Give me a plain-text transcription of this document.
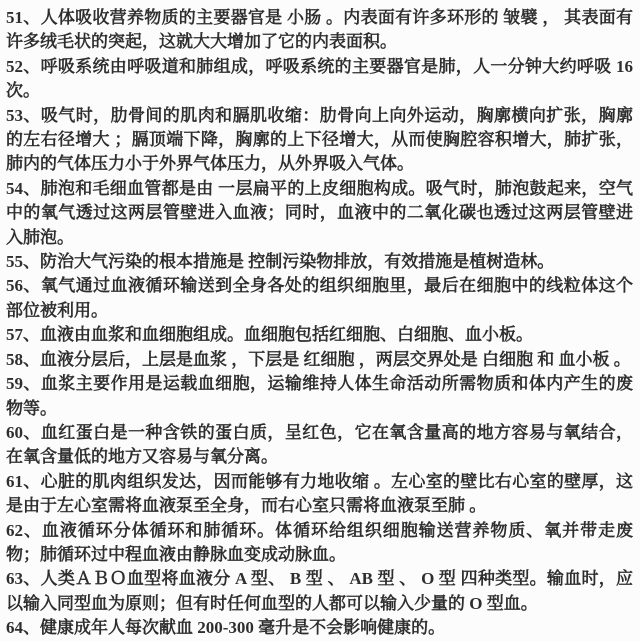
51、人体吸收营养物质的主要器官是 小肠 。内表面有许多环形的 皱襞 ， 其表面有许多绒毛状的突起，这就大大增加了它的内表面积。

52、呼吸系统由呼吸道和肺组成，呼吸系统的主要器官是肺，人一分钟大约呼吸 16 次。

53、吸气时，肋骨间的肌肉和膈肌收缩：肋骨向上向外运动，胸廓横向扩张，胸廓的左右径增大 ；膈顶端下降，胸廓的上下径增大，从而使胸腔容积增大，肺扩张，肺内的气体压力小于外界气体压力，从外界吸入气体。

54、肺泡和毛细血管都是由 一层扁平的上皮细胞构成。吸气时，肺泡鼓起来，空气中的氧气透过这两层管壁进入血液；同时，血液中的二氧化碳也透过这两层管壁进入肺泡。

55、防治大气污染的根本措施是 控制污染物排放，有效措施是植树造林。

56、氧气通过血液循环输送到全身各处的组织细胞里，最后在细胞中的线粒体这个部位被利用。

57、血液由血浆和血细胞组成。血细胞包括红细胞、白细胞、血小板。

58、血液分层后，上层是血浆 ，下层是 红细胞 ，两层交界处是 白细胞 和 血小板 。

59、血浆主要作用是运载血细胞，运输维持人体生命活动所需物质和体内产生的废物等。

60、血红蛋白是一种含铁的蛋白质，呈红色，它在氧含量高的地方容易与氧结合，在氧含量低的地方又容易与氧分离。

61、心脏的肌肉组织发达，因而能够有力地收缩 。左心室的壁比右心室的壁厚，这是由于左心室需将血液泵至全身，而右心室只需将血液泵至肺 。

62、血液循环分体循环和肺循环。体循环给组织细胞输送营养物质、氧并带走废物；肺循环过中程血液由静脉血变成动脉血。

63、人类ＡＢＯ血型将血液分 A 型、 B 型 、 AB 型 、 O 型 四种类型。输血时，应以输入同型血为原则；但有时任何血型的人都可以输入少量的 O 型血。

64、健康成年人每次献血 200-300 毫升是不会影响健康的。
